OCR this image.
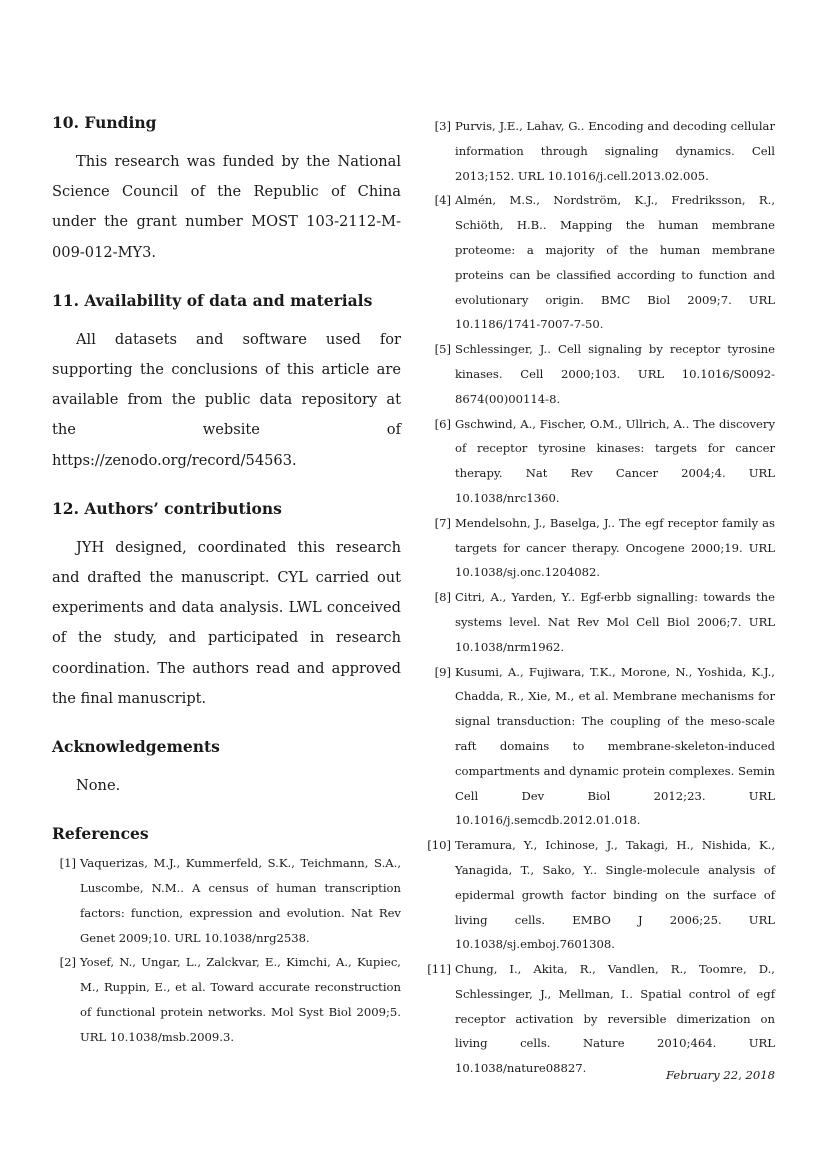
10. Funding

This research was funded by the National Science Council of the Republic of China under the grant number MOST 103-2112-M-009-012-MY3.

11. Availability of data and materials

All datasets and software used for supporting the conclusions of this article are available from the public data repository at the website of https://zenodo.org/record/54563.

12. Authors’ contributions

JYH designed, coordinated this research and drafted the manuscript. CYL carried out experiments and data analysis. LWL conceived of the study, and participated in research coordination. The authors read and approved the final manuscript.

Acknowledgements

None.

References
[1] Vaquerizas, M.J., Kummerfeld, S.K., Teichmann, S.A., Luscombe, N.M.. A census of human transcription factors: function, expression and evolution. Nat Rev Genet 2009;10. URL 10.1038/nrg2538.
[2] Yosef, N., Ungar, L., Zalckvar, E., Kimchi, A., Kupiec, M., Ruppin, E., et al. Toward accurate reconstruction of functional protein networks. Mol Syst Biol 2009;5. URL 10.1038/msb.2009.3.
[3] Purvis, J.E., Lahav, G.. Encoding and decoding cellular information through signaling dynamics. Cell 2013;152. URL 10.1016/j.cell.2013.02.005.
[4] Almén, M.S., Nordström, K.J., Fredriksson, R., Schiöth, H.B.. Mapping the human membrane proteome: a majority of the human membrane proteins can be classified according to function and evolutionary origin. BMC Biol 2009;7. URL 10.1186/1741-7007-7-50.
[5] Schlessinger, J.. Cell signaling by receptor tyrosine kinases. Cell 2000;103. URL 10.1016/S0092-8674(00)00114-8.
[6] Gschwind, A., Fischer, O.M., Ullrich, A.. The discovery of receptor tyrosine kinases: targets for cancer therapy. Nat Rev Cancer 2004;4. URL 10.1038/nrc1360.
[7] Mendelsohn, J., Baselga, J.. The egf receptor family as targets for cancer therapy. Oncogene 2000;19. URL 10.1038/sj.onc.1204082.
[8] Citri, A., Yarden, Y.. Egf-erbb signalling: towards the systems level. Nat Rev Mol Cell Biol 2006;7. URL 10.1038/nrm1962.
[9] Kusumi, A., Fujiwara, T.K., Morone, N., Yoshida, K.J., Chadda, R., Xie, M., et al. Membrane mechanisms for signal transduction: The coupling of the meso-scale raft domains to membrane-skeleton-induced compartments and dynamic protein complexes. Semin Cell Dev Biol 2012;23. URL 10.1016/j.semcdb.2012.01.018.
[10] Teramura, Y., Ichinose, J., Takagi, H., Nishida, K., Yanagida, T., Sako, Y.. Single-molecule analysis of epidermal growth factor binding on the surface of living cells. EMBO J 2006;25. URL 10.1038/sj.emboj.7601308.
[11] Chung, I., Akita, R., Vandlen, R., Toomre, D., Schlessinger, J., Mellman, I.. Spatial control of egf receptor activation by reversible dimerization on living cells. Nature 2010;464. URL 10.1038/nature08827.	February 22, 2018
